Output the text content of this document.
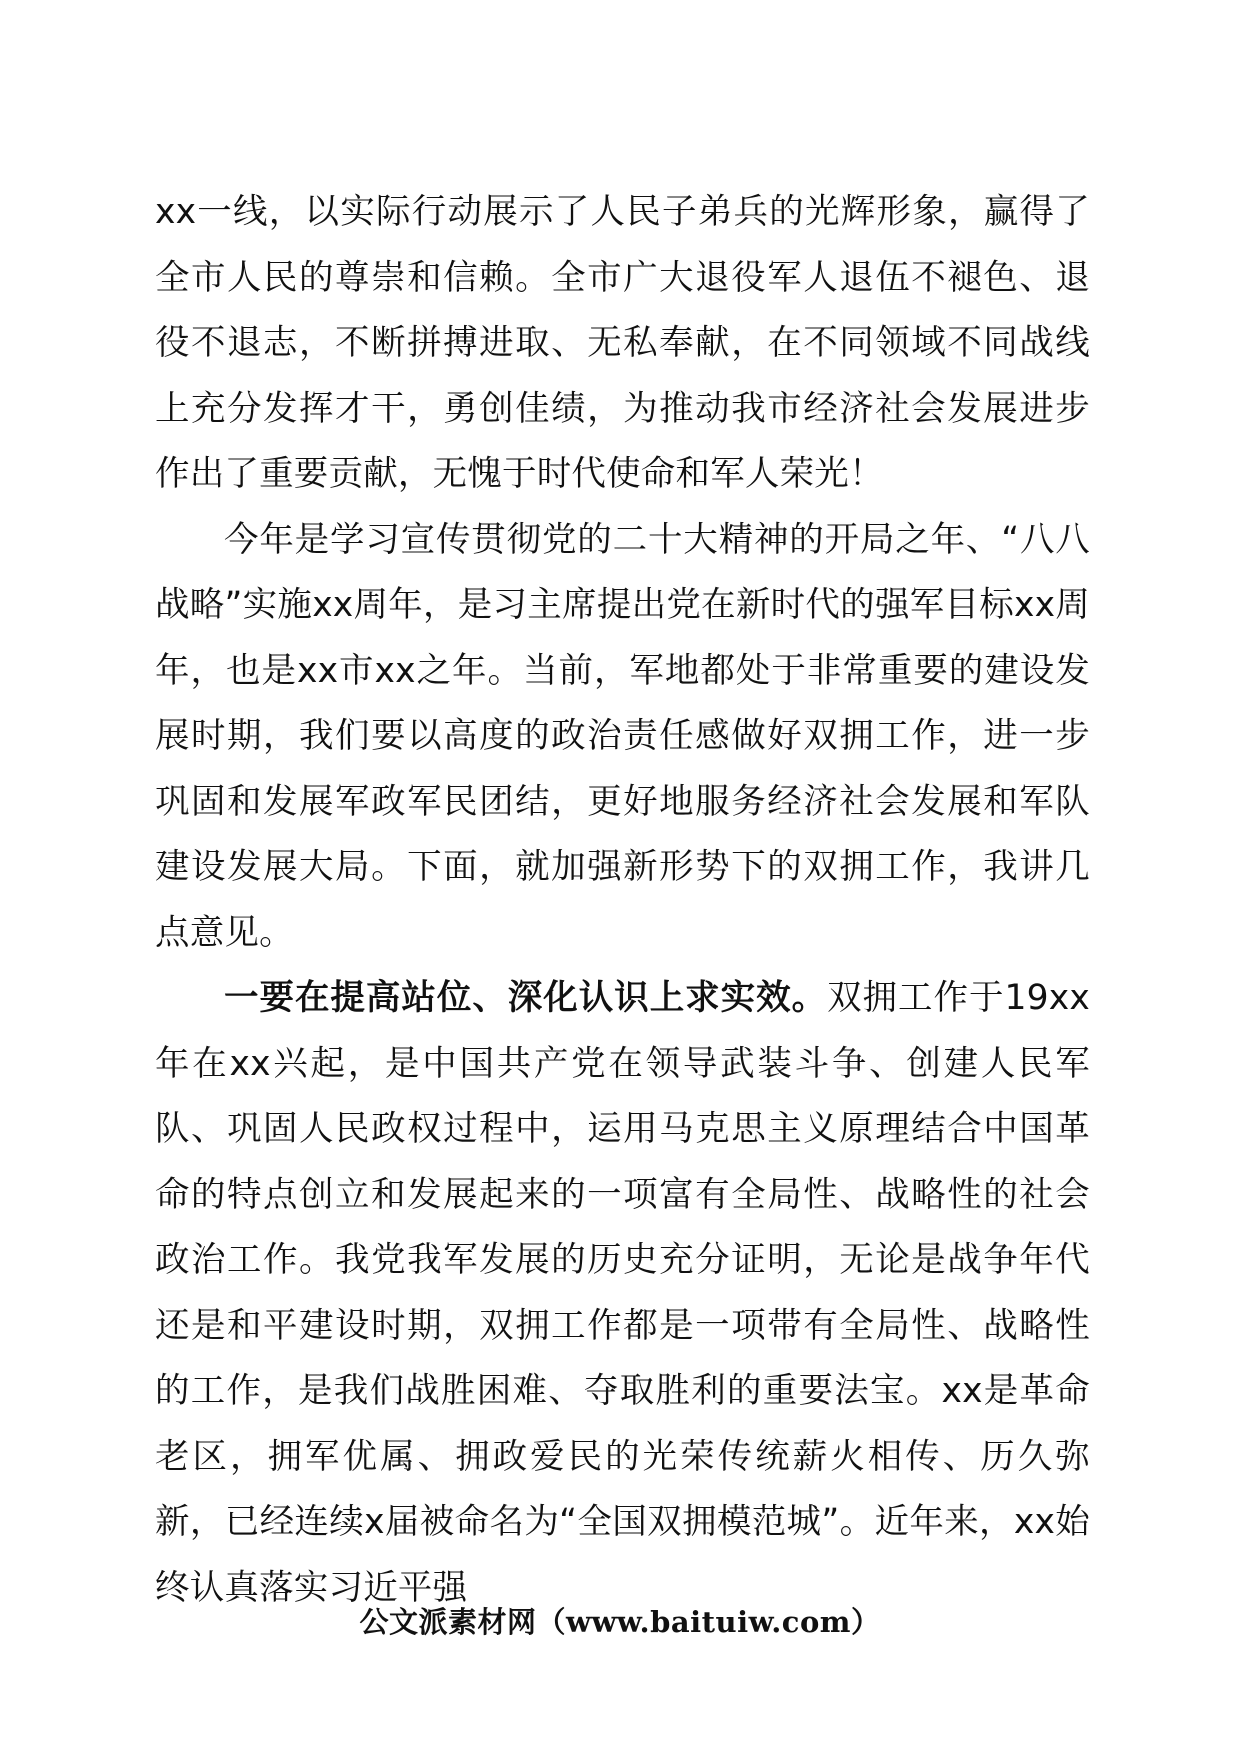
xx一线，以实际行动展示了人民子弟兵的光辉形象，赢得了全市人民的尊崇和信赖。全市广大退役军人退伍不褪色、退役不退志，不断拼搏进取、无私奉献，在不同领域不同战线上充分发挥才干，勇创佳绩，为推动我市经济社会发展进步作出了重要贡献，无愧于时代使命和军人荣光！

今年是学习宣传贯彻党的二十大精神的开局之年、“八八战略”实施xx周年，是习主席提出党在新时代的强军目标xx周年，也是xx市xx之年。当前，军地都处于非常重要的建设发展时期，我们要以高度的政治责任感做好双拥工作，进一步巩固和发展军政军民团结，更好地服务经济社会发展和军队建设发展大局。下面，就加强新形势下的双拥工作，我讲几点意见。

一要在提高站位、深化认识上求实效。双拥工作于19xx年在xx兴起，是中国共产党在领导武装斗争、创建人民军队、巩固人民政权过程中，运用马克思主义原理结合中国革命的特点创立和发展起来的一项富有全局性、战略性的社会政治工作。我党我军发展的历史充分证明，无论是战争年代还是和平建设时期，双拥工作都是一项带有全局性、战略性的工作，是我们战胜困难、夺取胜利的重要法宝。xx是革命老区，拥军优属、拥政爱民的光荣传统薪火相传、历久弥新，已经连续x届被命名为“全国双拥模范城”。近年来，xx始终认真落实习近平强

公文派素材网（www.baituiw.com）
